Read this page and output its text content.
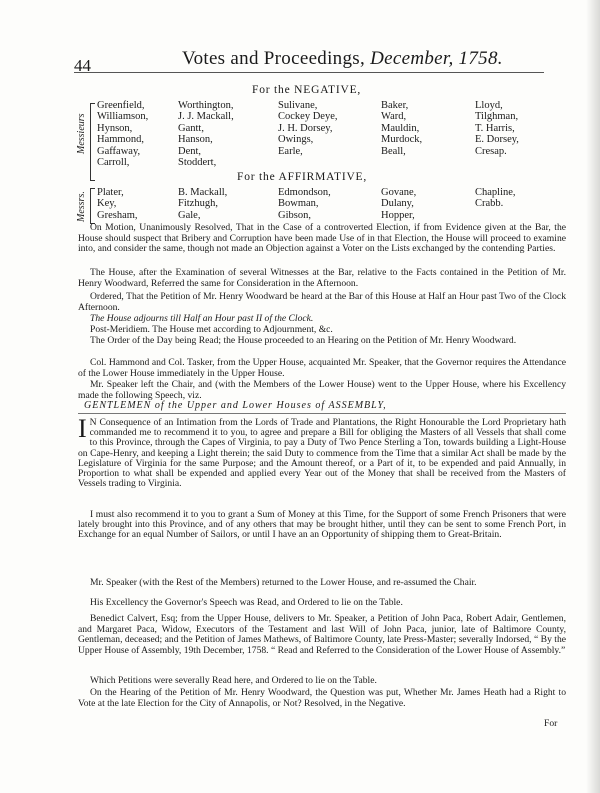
44	Votes and Proceedings, December, 1758.
For the NEGATIVE,
Messieurs
Greenfield,
Williamson,
Hynson,
Hammond,
Gaffaway,
Carroll,
Worthington,
J. J. Mackall,
Gantt,
Hanson,
Dent,
Stoddert,
Sulivane,
Cockey Deye,
J. H. Dorsey,
Owings,
Earle,
Baker,
Ward,
Mauldin,
Murdock,
Beall,
Lloyd,
Tilghman,
T. Harris,
E. Dorsey,
Cresap.
For the AFFIRMATIVE,
Messrs. Plater,
Key,
Gresham,
B. Mackall,
Fitzhugh,
Gale,
Edmondson,
Bowman,
Gibson,
Govane,
Dulany,
Hopper,
Chapline,
Crabb.

On Motion, Unanimously Resolved, That in the Case of a controverted Election, if from Evidence given at the Bar, the House should suspect that Bribery and Corruption have been made Use of in that Election, the House will proceed to examine into, and consider the same, though not made an Objection against a Voter on the Lists exchanged by the contending Parties.

The House, after the Examination of several Witnesses at the Bar, relative to the Facts contained in the Petition of Mr. Henry Woodward, Referred the same for Consideration in the Afternoon.

Ordered, That the Petition of Mr. Henry Woodward be heard at the Bar of this House at Half an Hour past Two of the Clock Afternoon.

The House adjourns till Half an Hour past II of the Clock.

Post-Meridiem. The House met according to Adjournment, &c.

The Order of the Day being Read; the House proceeded to an Hearing on the Petition of Mr. Henry Woodward.

Col. Hammond and Col. Tasker, from the Upper House, acquainted Mr. Speaker, that the Governor requires the Attendance of the Lower House immediately in the Upper House.

Mr. Speaker left the Chair, and (with the Members of the Lower House) went to the Upper House, where his Excellency made the following Speech, viz.

GENTLEMEN of the Upper and Lower Houses of ASSEMBLY,
I N Consequence of an Intimation from the Lords of Trade and Plantations, the Right Honourable the Lord Proprietary hath commanded me to recommend it to you, to agree and prepare a Bill for obliging the Masters of all Vessels that shall come to this Province, through the Capes of Virginia, to pay a Duty of Two Pence Sterling a Ton, towards building a Light-House on Cape-Henry, and keeping a Light therein; the said Duty to commence from the Time that a similar Act shall be made by the Legislature of Virginia for the same Purpose; and the Amount thereof, or a Part of it, to be expended and paid Annually, in Proportion to what shall be expended and applied every Year out of the Money that shall be received from the Masters of Vessels trading to Virginia.

I must also recommend it to you to grant a Sum of Money at this Time, for the Support of some French Prisoners that were lately brought into this Province, and of any others that may be brought hither, until they can be sent to some French Port, in Exchange for an equal Number of Sailors, or until I have an an Opportunity of shipping them to Great-Britain.

Mr. Speaker (with the Rest of the Members) returned to the Lower House, and re-assumed the Chair.

His Excellency the Governor's Speech was Read, and Ordered to lie on the Table.

Benedict Calvert, Esq; from the Upper House, delivers to Mr. Speaker, a Petition of John Paca, Robert Adair, Gentlemen, and Margaret Paca, Widow, Executors of the Testament and last Will of John Paca, junior, late of Baltimore County, Gentleman, deceased; and the Petition of James Mathews, of Baltimore County, late Press-Master; severally Indorsed, “ By the Upper House of Assembly, 19th December, 1758. “ Read and Referred to the Consideration of the Lower House of Assembly.”

Which Petitions were severally Read here, and Ordered to lie on the Table.

On the Hearing of the Petition of Mr. Henry Woodward, the Question was put, Whether Mr. James Heath had a Right to Vote at the late Election for the City of Annapolis, or Not? Resolved, in the Negative.

For
